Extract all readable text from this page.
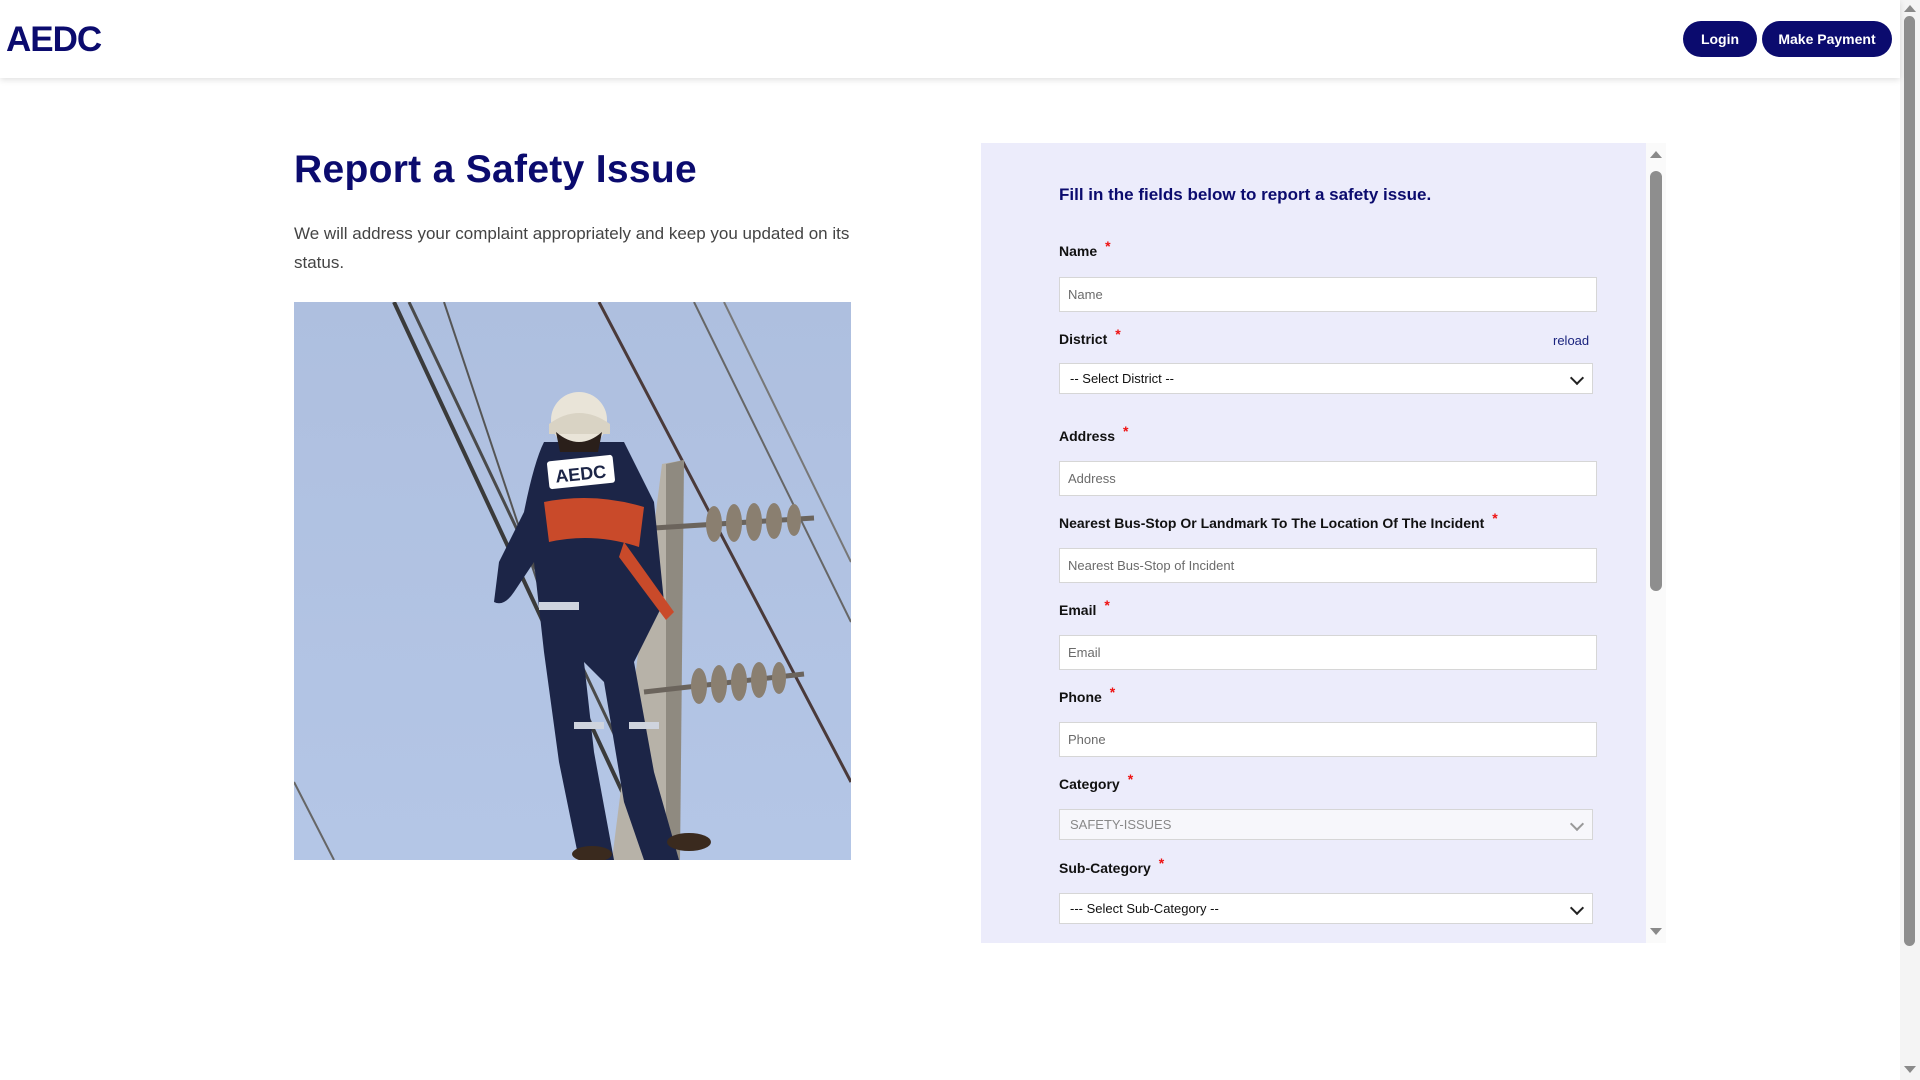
AEDC	Login	Make Payment
Report a Safety Issue

We will address your complaint appropriately and keep you updated on its status.

AEDC

Fill in the fields below to report a safety issue.

Name *
Name
District *	reload
-- Select District --
Address *
Address
Nearest Bus-Stop Or Landmark To The Location Of The Incident *
Nearest Bus-Stop of Incident
Email *
Email
Phone *
Phone
Category *
SAFETY-ISSUES
Sub-Category *
--- Select Sub-Category --
